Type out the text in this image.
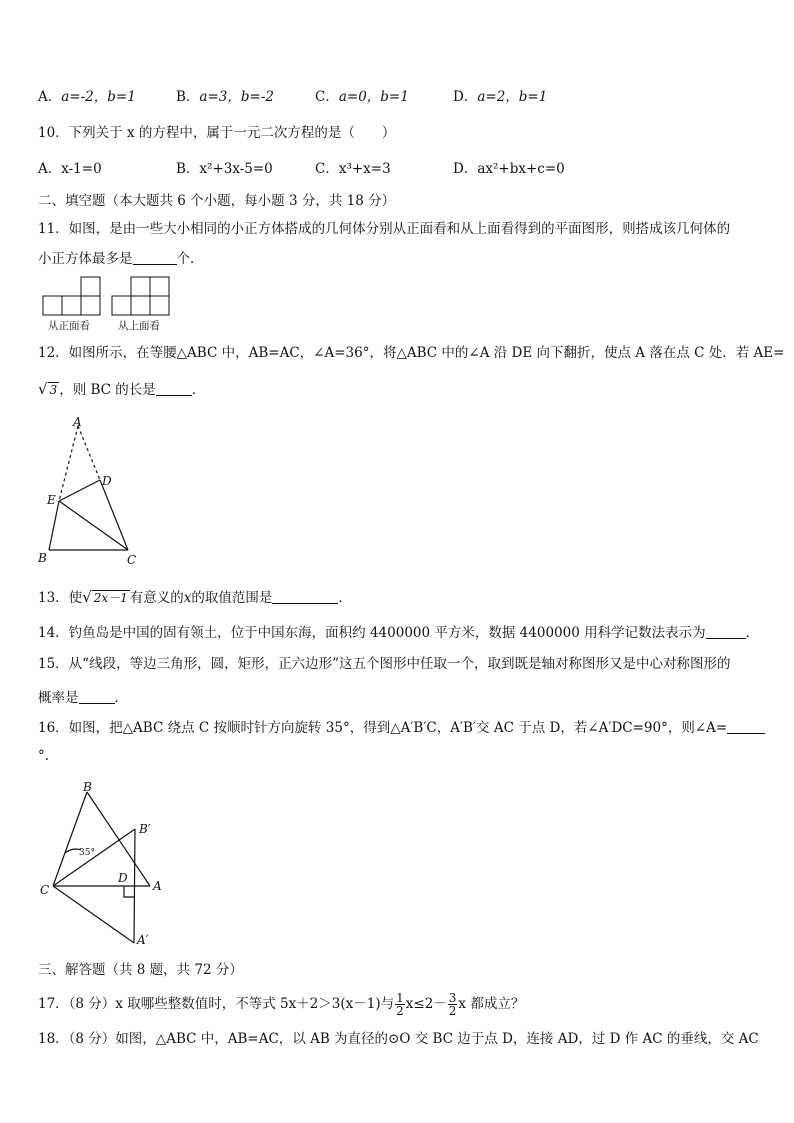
A．a=-2，b=1	B．a=3，b=-2	C．a=0，b=1	D．a=2，b=1
10．下列关于 x 的方程中，属于一元二次方程的是（　　）
A．x-1=0	B．x²+3x-5=0	C．x³+x=3	D．ax²+bx+c=0
二、填空题（本大题共 6 个小题，每小题 3 分，共 18 分）
11．如图，是由一些大小相同的小正方体搭成的几何体分别从正面看和从上面看得到的平面图形，则搭成该几何体的
小正方体最多是	个．
从正面看	从上面看
12．如图所示，在等腰△ABC 中，AB=AC，∠A=36°，将△ABC 中的∠A 沿 DE 向下翻折，使点 A 落在点 C 处．若 AE=
√ 3 ，则 BC 的长是	．
A
D
E
B	C
13．使√ 2x－1 有意义的x的取值范围是	．
14．钓鱼岛是中国的固有领土，位于中国东海，面积约 4400000 平方米，数据 4400000 用科学记数法表示为	．
15．从“线段，等边三角形，圆，矩形，正六边形”这五个图形中任取一个，取到既是轴对称图形又是中心对称图形的
概率是	．
16．如图，把△ABC 绕点 C 按顺时针方向旋转 35°，得到△A′B′C，A′B′交 AC 于点 D，若∠A′DC=90°，则∠A=
°.
B
B′
C
D
A
A′
35°
三、解答题（共 8 题，共 72 分）
17．（8 分）x 取哪些整数值时，不等式 5x＋2＞3(x－1)与 $\frac{1}{2} x\le 2- \frac{3}{2}$ x 都成立？
18．（8 分）如图，△ABC 中，AB=AC，以 AB 为直径的⊙O 交 BC 边于点 D，连接 AD，过 D 作 AC 的垂线，交 AC
